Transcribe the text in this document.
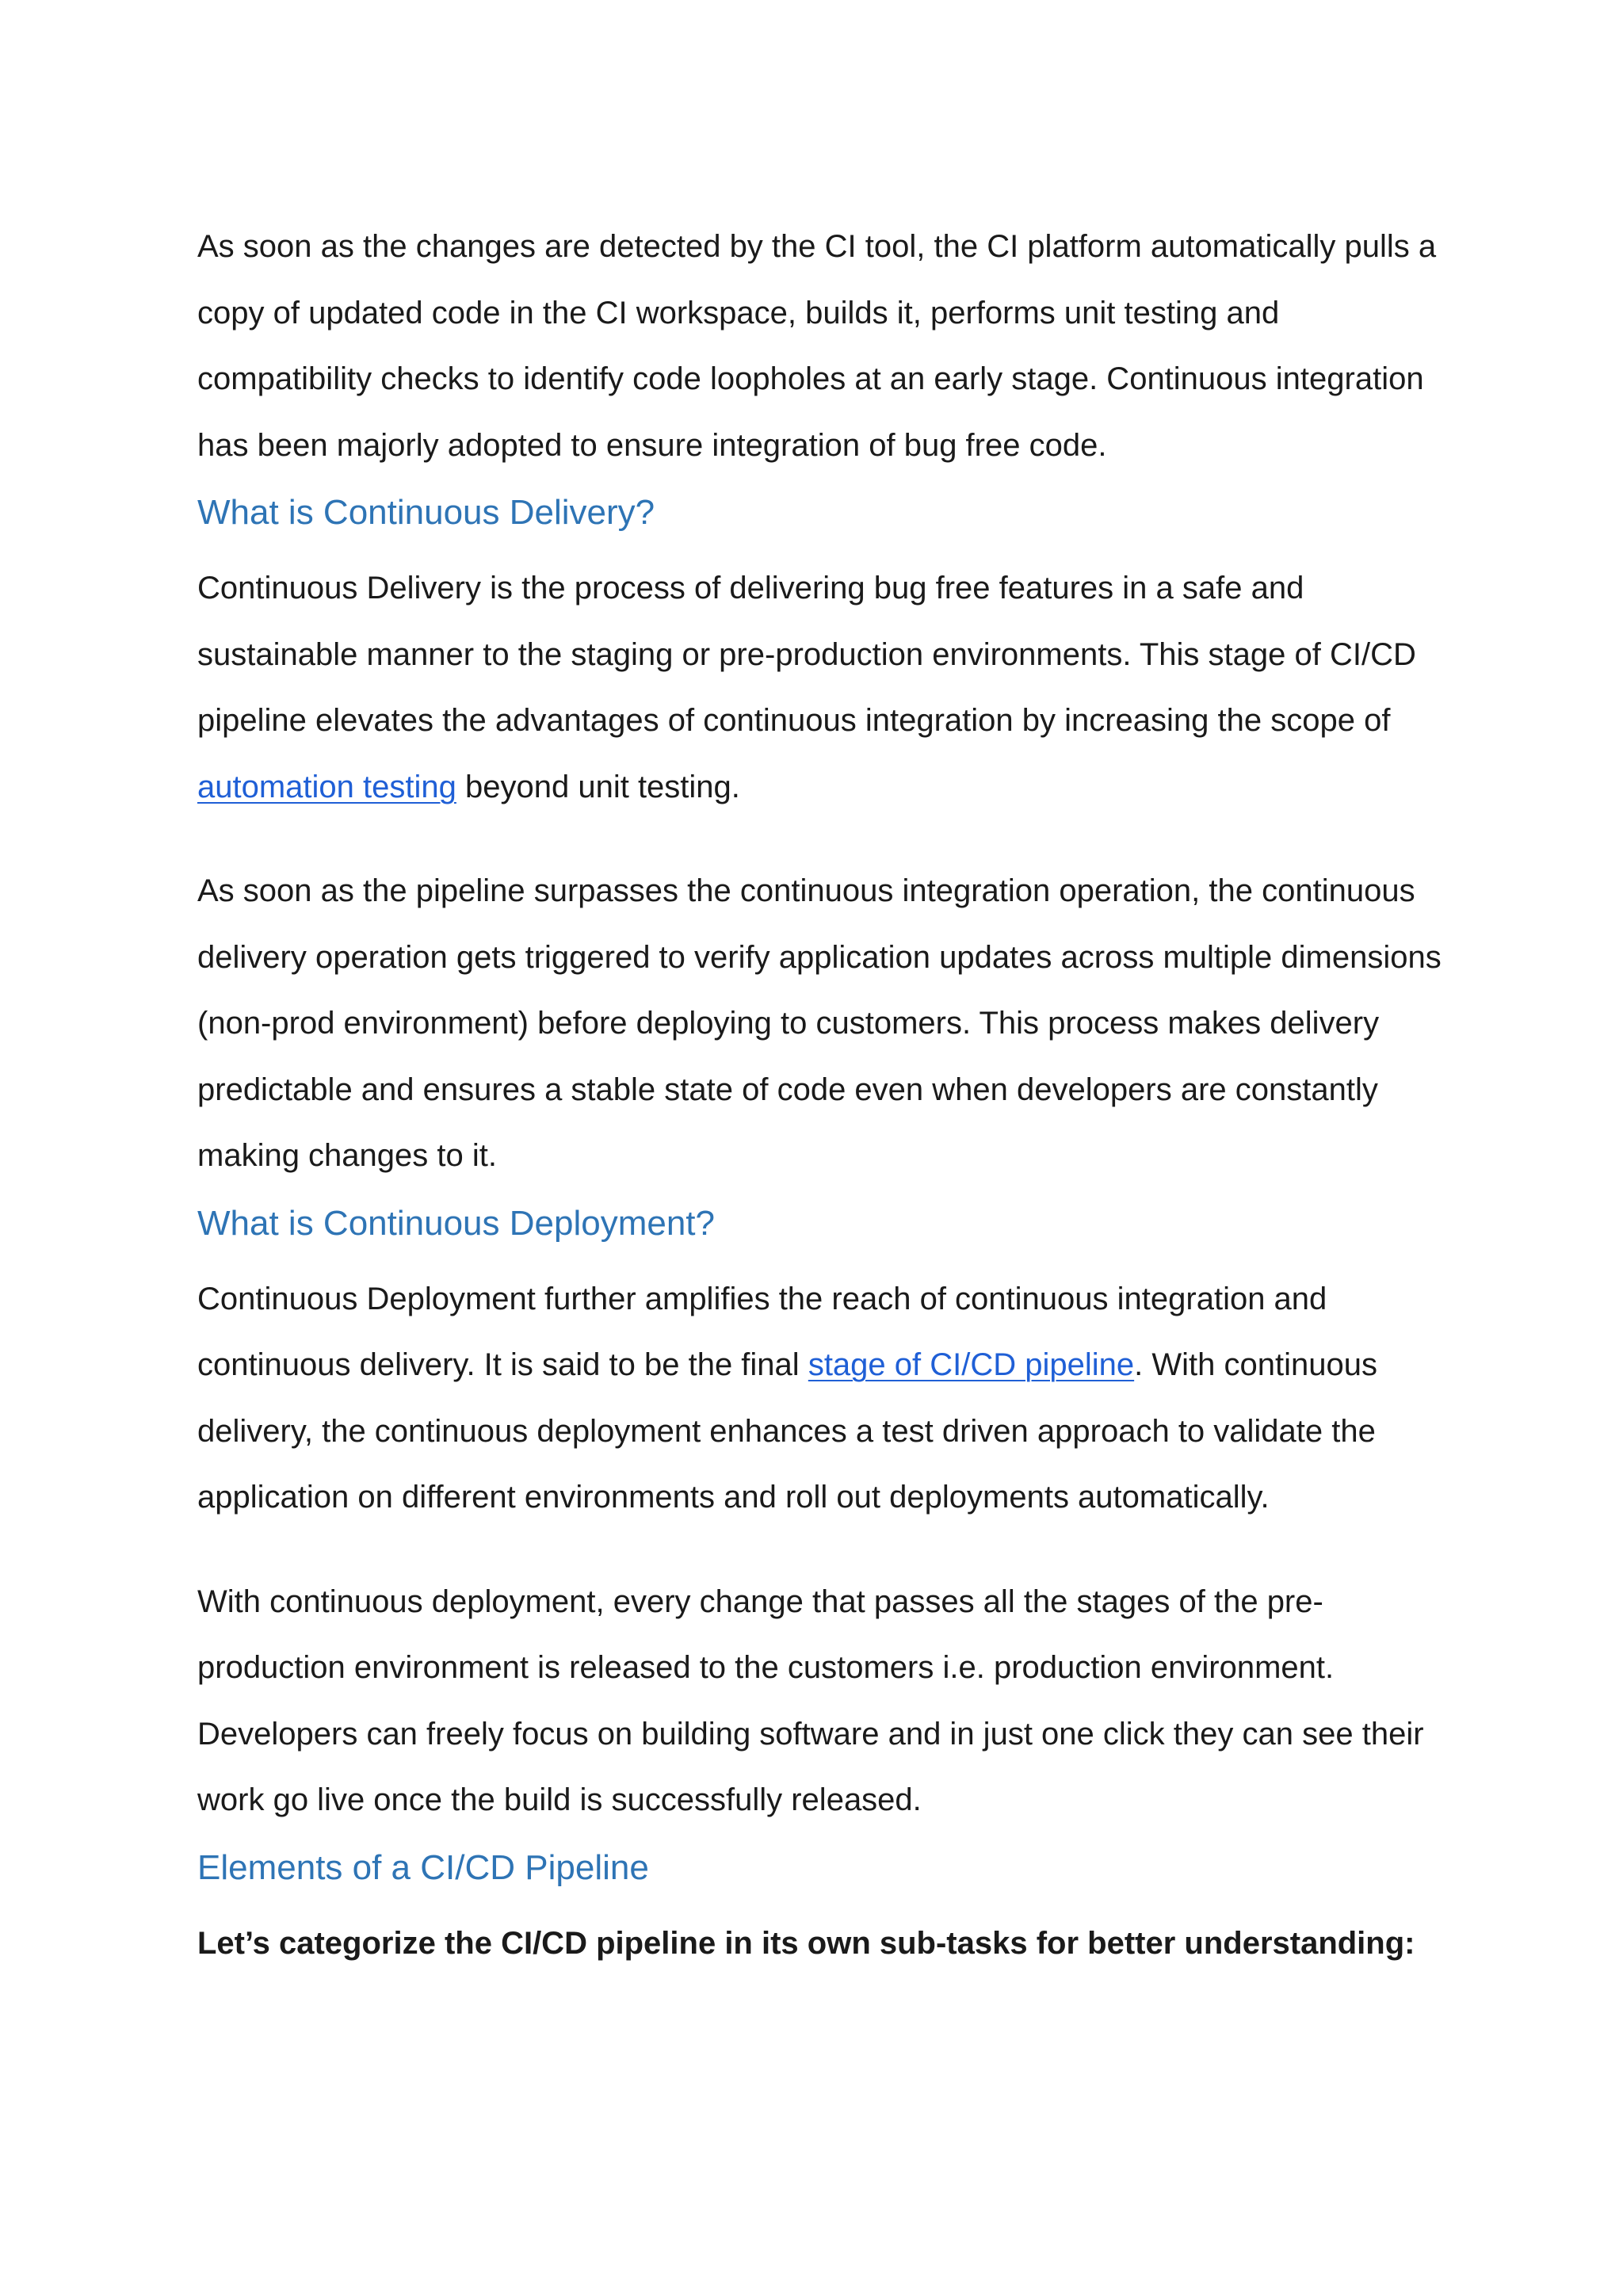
As soon as the changes are detected by the CI tool, the CI platform automatically pulls a copy of updated code in the CI workspace, builds it, performs unit testing and compatibility checks to identify code loopholes at an early stage. Continuous integration has been majorly adopted to ensure integration of bug free code.

What is Continuous Delivery?

Continuous Delivery is the process of delivering bug free features in a safe and sustainable manner to the staging or pre-production environments. This stage of CI/CD pipeline elevates the advantages of continuous integration by increasing the scope of automation testing beyond unit testing.

As soon as the pipeline surpasses the continuous integration operation, the continuous delivery operation gets triggered to verify application updates across multiple dimensions (non-prod environment) before deploying to customers. This process makes delivery predictable and ensures a stable state of code even when developers are constantly making changes to it.

What is Continuous Deployment?

Continuous Deployment further amplifies the reach of continuous integration and continuous delivery. It is said to be the final stage of CI/CD pipeline. With continuous delivery, the continuous deployment enhances a test driven approach to validate the application on different environments and roll out deployments automatically.

With continuous deployment, every change that passes all the stages of the pre-production environment is released to the customers i.e. production environment. Developers can freely focus on building software and in just one click they can see their work go live once the build is successfully released.

Elements of a CI/CD Pipeline

Let’s categorize the CI/CD pipeline in its own sub-tasks for better understanding:
